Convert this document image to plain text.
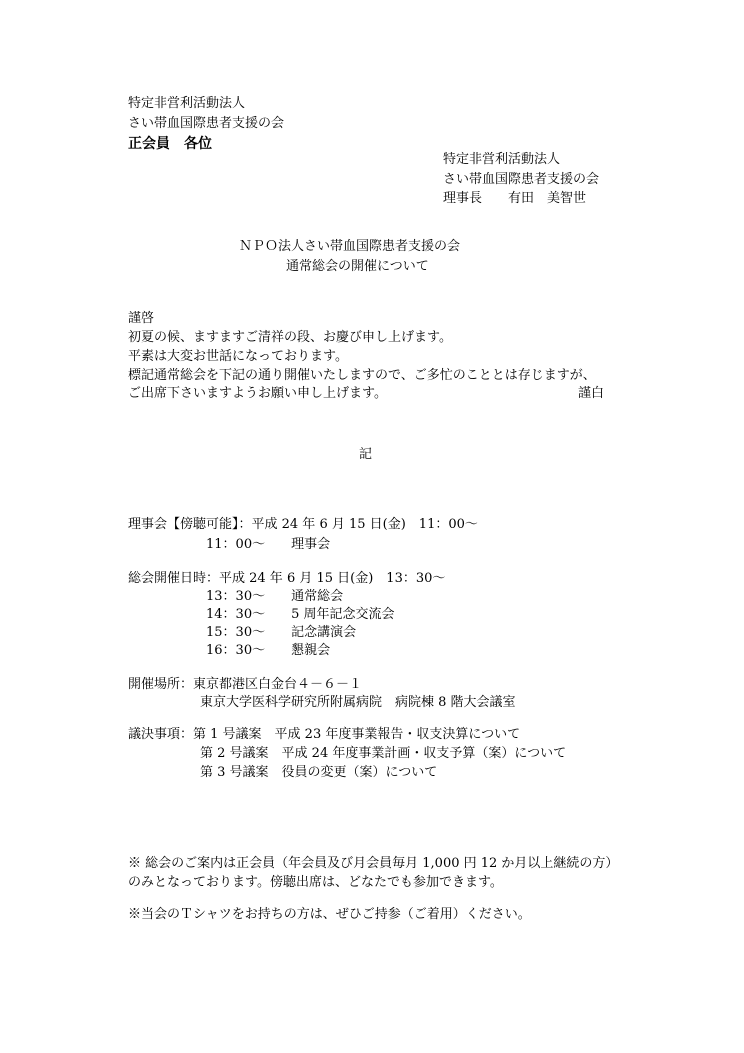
特定非営利活動法人
さい帯血国際患者支援の会
正会員　各位
特定非営利活動法人
さい帯血国際患者支援の会
理事長　　有田　美智世
ＮＰＯ法人さい帯血国際患者支援の会
通常総会の開催について
謹啓
初夏の候、ますますご清祥の段、お慶び申し上げます。
平素は大変お世話になっております。
標記通常総会を下記の通り開催いたしますので、ご多忙のこととは存じますが、
ご出席下さいますようお願い申し上げます。	謹白
記
理事会【傍聴可能】：平成 24 年 6 月 15 日(金)　11：00～
11：00～　　理事会
総会開催日時：平成 24 年 6 月 15 日(金)　13：30～
13：30～　　通常総会
14：30～　　5 周年記念交流会
15：30～　　記念講演会
16：30～　　懇親会
開催場所：東京都港区白金台４－６－１
東京大学医科学研究所附属病院　病院棟 8 階大会議室
議決事項：第 1 号議案　平成 23 年度事業報告・収支決算について
第 2 号議案　平成 24 年度事業計画・収支予算（案）について
第 3 号議案　役員の変更（案）について
※ 総会のご案内は正会員（年会員及び月会員毎月 1,000 円 12 か月以上継続の方）
のみとなっております。傍聴出席は、どなたでも参加できます。
※当会のＴシャツをお持ちの方は、ぜひご持参（ご着用）ください。
